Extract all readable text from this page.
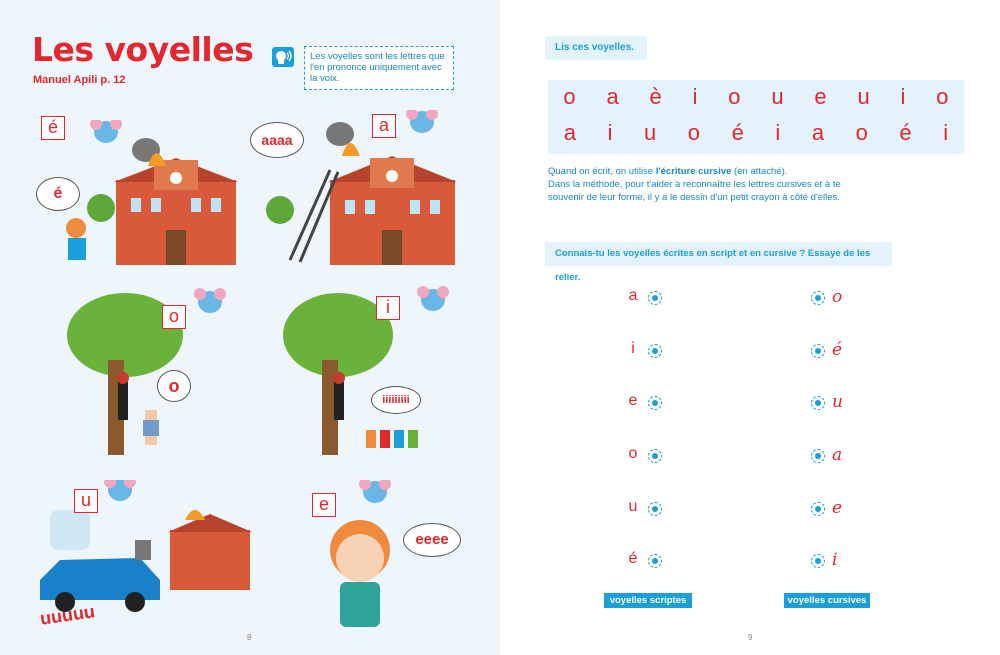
Les voyelles
Manuel Apili p. 12
Les voyelles sont les lettres que l'en prononce uniquement avec la voix.
é
é
a
aaaa
o
o
i
iiiiiiiii
u
uuuuu
e
eeee
8
Lis ces voyelles.
o a è i o u e u i o
a i u o é i a o é i
Quand on écrit, on utilise l'écriture cursive (en attaché).
Dans la méthode, pour t'aider à reconnaître les lettres cursives et à te souvenir de leur forme, il y a le dessin d'un petit crayon à côté d'elles.
Connais-tu les voyelles écrites en script et en cursive ? Essaye de les relier.
a	o
i	é
e	u
o	a
u	e
é	i
voyelles scriptes	voyelles cursives
9
